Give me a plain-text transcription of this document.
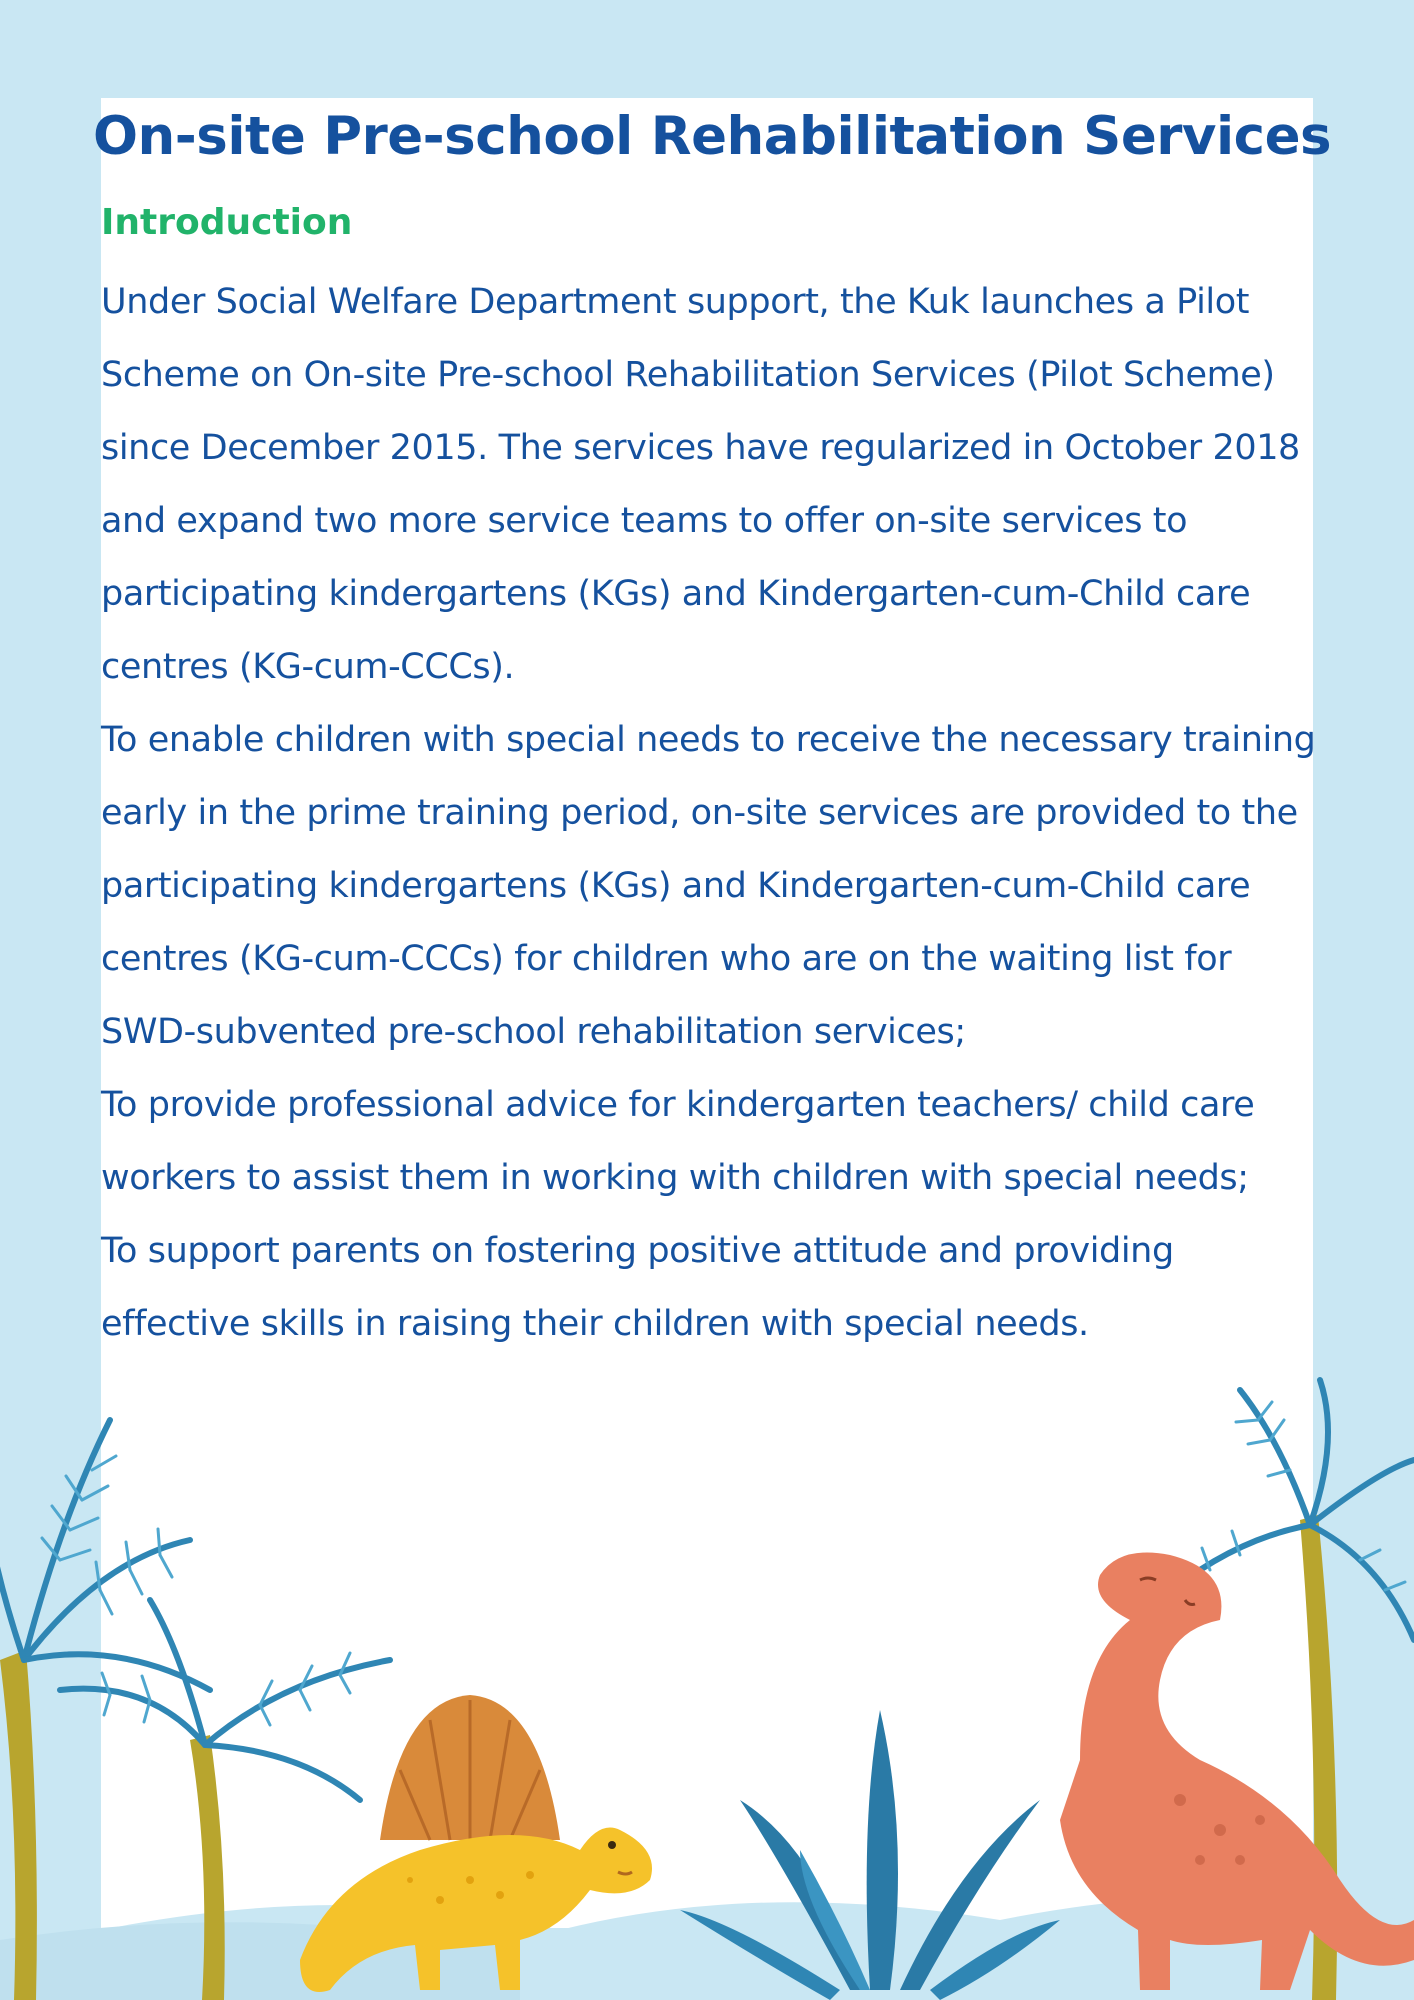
On-site Pre-school Rehabilitation Services
Introduction

Under Social Welfare Department support, the Kuk launches a Pilot Scheme on On-site Pre-school Rehabilitation Services (Pilot Scheme) since December 2015. The services have regularized in October 2018 and expand two more service teams to offer on-site services to participating kindergartens (KGs) and Kindergarten-cum-Child care centres (KG-cum-CCCs).

To enable children with special needs to receive the necessary training early in the prime training period, on-site services are provided to the participating kindergartens (KGs) and Kindergarten-cum-Child care centres (KG-cum-CCCs) for children who are on the waiting list for SWD-subvented pre-school rehabilitation services;

To provide professional advice for kindergarten teachers/ child care workers to assist them in working with children with special needs;

To support parents on fostering positive attitude and providing effective skills in raising their children with special needs.
